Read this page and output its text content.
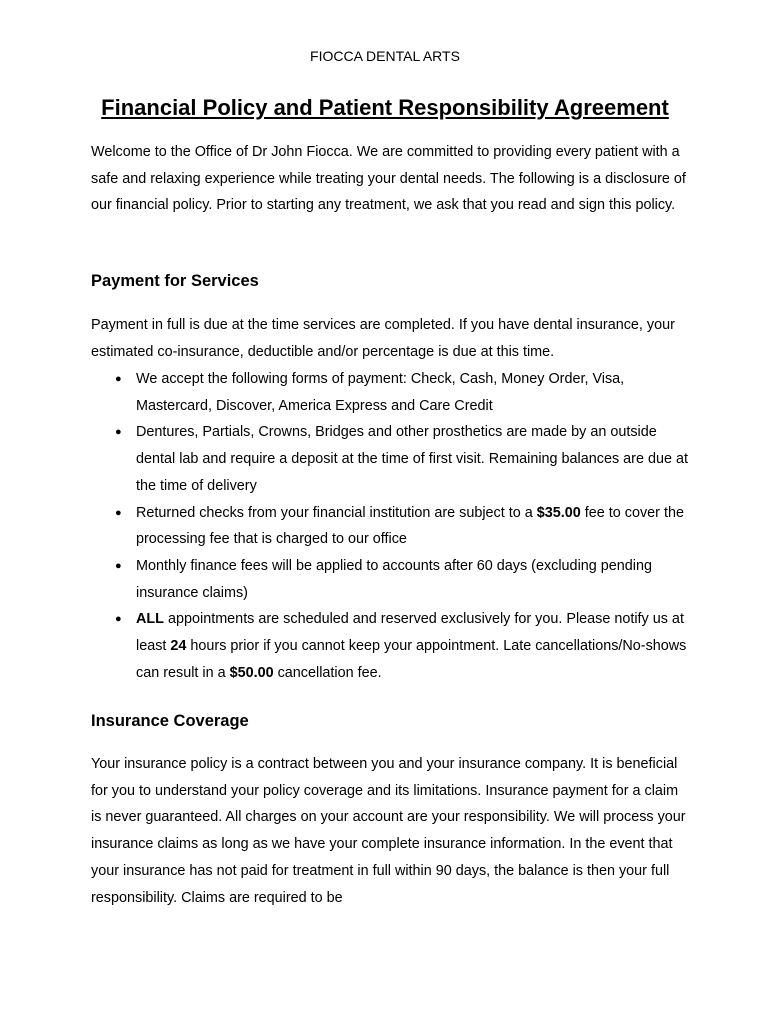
FIOCCA DENTAL ARTS
Financial Policy and Patient Responsibility Agreement

Welcome to the Office of Dr John Fiocca. We are committed to providing every patient with a safe and relaxing experience while treating your dental needs. The following is a disclosure of our financial policy. Prior to starting any treatment, we ask that you read and sign this policy.

Payment for Services

Payment in full is due at the time services are completed. If you have dental insurance, your estimated co-insurance, deductible and/or percentage is due at this time.

● We accept the following forms of payment: Check, Cash, Money Order, Visa, Mastercard, Discover, America Express and Care Credit
● Dentures, Partials, Crowns, Bridges and other prosthetics are made by an outside dental lab and require a deposit at the time of first visit. Remaining balances are due at the time of delivery
● Returned checks from your financial institution are subject to a $35.00 fee to cover the processing fee that is charged to our office
● Monthly finance fees will be applied to accounts after 60 days (excluding pending insurance claims)
● ALL appointments are scheduled and reserved exclusively for you. Please notify us at least 24 hours prior if you cannot keep your appointment. Late cancellations/No-shows can result in a $50.00 cancellation fee.
Insurance Coverage

Your insurance policy is a contract between you and your insurance company. It is beneficial for you to understand your policy coverage and its limitations. Insurance payment for a claim is never guaranteed. All charges on your account are your responsibility. We will process your insurance claims as long as we have your complete insurance information. In the event that your insurance has not paid for treatment in full within 90 days, the balance is then your full responsibility. Claims are required to be
